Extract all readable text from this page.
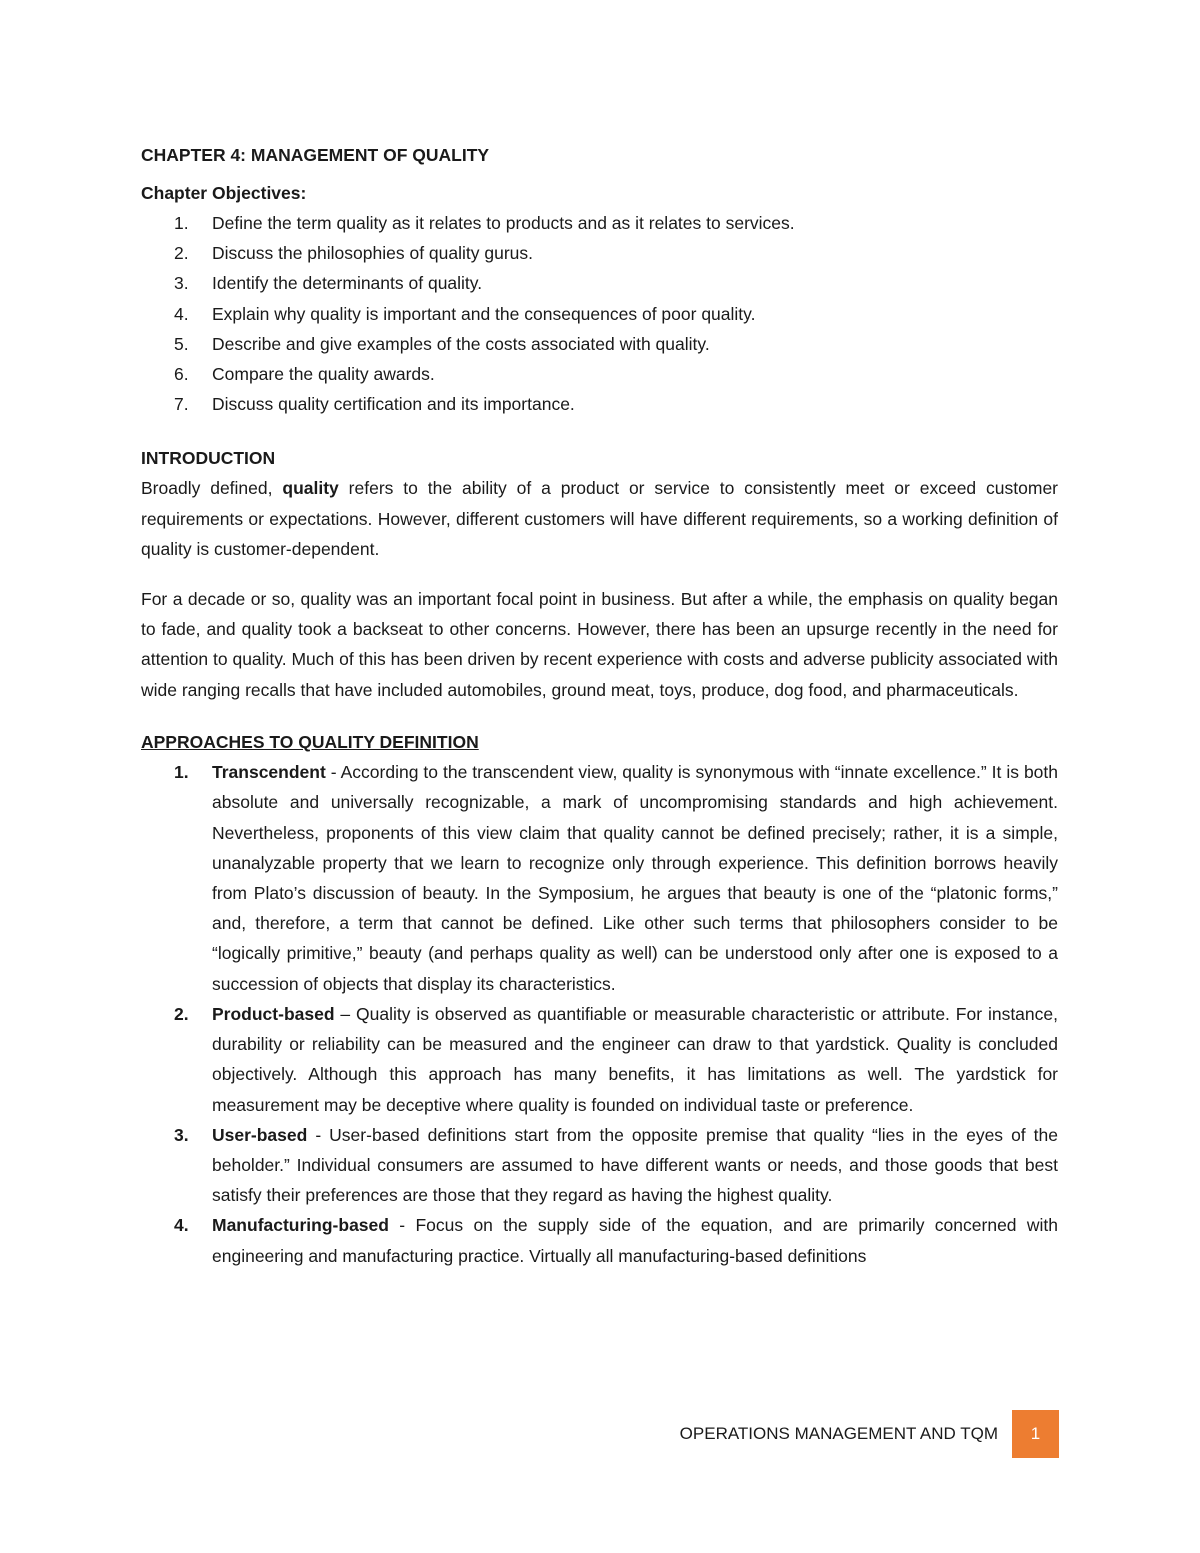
CHAPTER 4: MANAGEMENT OF QUALITY

Chapter Objectives:

1. Define the term quality as it relates to products and as it relates to services.
2. Discuss the philosophies of quality gurus.
3. Identify the determinants of quality.
4. Explain why quality is important and the consequences of poor quality.
5. Describe and give examples of the costs associated with quality.
6. Compare the quality awards.
7. Discuss quality certification and its importance.

INTRODUCTION

Broadly defined, quality refers to the ability of a product or service to consistently meet or exceed customer requirements or expectations. However, different customers will have different requirements, so a working definition of quality is customer-dependent.

For a decade or so, quality was an important focal point in business. But after a while, the emphasis on quality began to fade, and quality took a backseat to other concerns. However, there has been an upsurge recently in the need for attention to quality. Much of this has been driven by recent experience with costs and adverse publicity associated with wide ranging recalls that have included automobiles, ground meat, toys, produce, dog food, and pharmaceuticals.

APPROACHES TO QUALITY DEFINITION

1. Transcendent - According to the transcendent view, quality is synonymous with “innate excellence.” It is both absolute and universally recognizable, a mark of uncompromising standards and high achievement. Nevertheless, proponents of this view claim that quality cannot be defined precisely; rather, it is a simple, unanalyzable property that we learn to recognize only through experience. This definition borrows heavily from Plato’s discussion of beauty. In the Symposium, he argues that beauty is one of the “platonic forms,” and, therefore, a term that cannot be defined. Like other such terms that philosophers consider to be “logically primitive,” beauty (and perhaps quality as well) can be understood only after one is exposed to a succession of objects that display its characteristics.
2. Product-based – Quality is observed as quantifiable or measurable characteristic or attribute. For instance, durability or reliability can be measured and the engineer can draw to that yardstick. Quality is concluded objectively. Although this approach has many benefits, it has limitations as well. The yardstick for measurement may be deceptive where quality is founded on individual taste or preference.
3. User-based - User-based definitions start from the opposite premise that quality “lies in the eyes of the beholder.” Individual consumers are assumed to have different wants or needs, and those goods that best satisfy their preferences are those that they regard as having the highest quality.
4. Manufacturing-based - Focus on the supply side of the equation, and are primarily concerned with engineering and manufacturing practice. Virtually all manufacturing-based definitions
OPERATIONS MANAGEMENT AND TQM	1
